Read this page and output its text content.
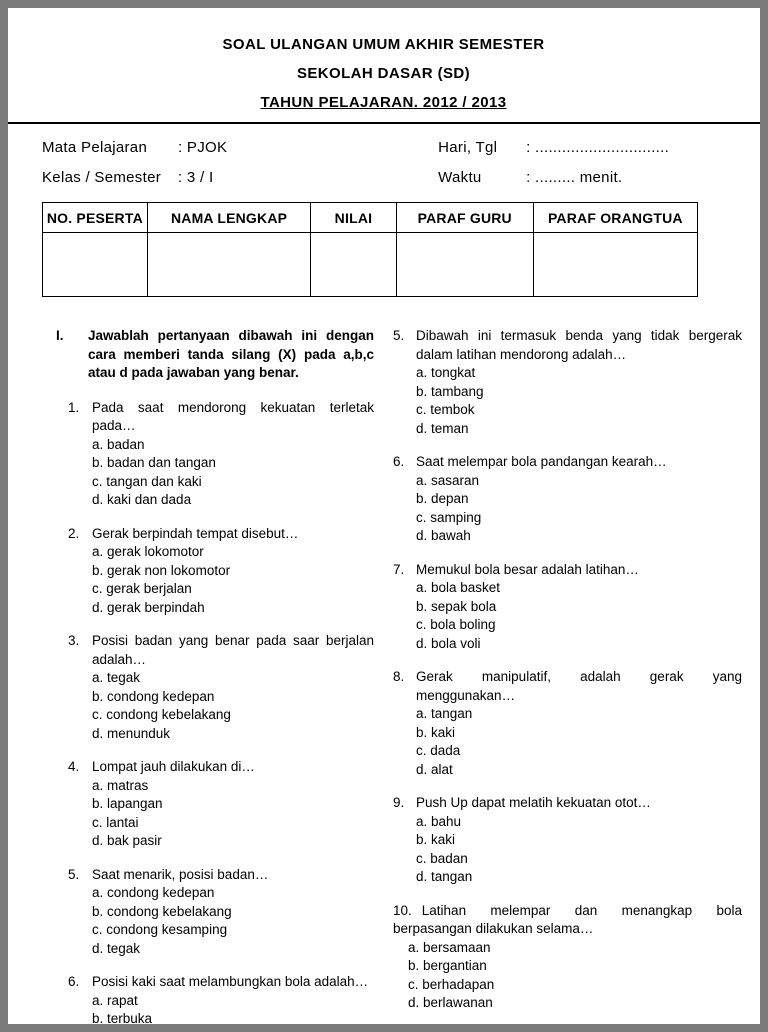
SOAL ULANGAN UMUM AKHIR SEMESTER
SEKOLAH DASAR (SD)
TAHUN PELAJARAN. 2012 / 2013
Mata Pelajaran	: PJOK
Kelas / Semester	: 3 / I
Hari, Tgl	: ..............................
Waktu	: ......... menit.
NO. PESERTA	NAMA LENGKAP	NILAI	PARAF GURU	PARAF ORANGTUA

I.	Jawablah pertanyaan dibawah ini dengan cara memberi tanda silang (X) pada a,b,c atau d pada jawaban yang benar.
1. Pada saat mendorong kekuatan terletak pada…

a. badan
b. badan dan tangan
c. tangan dan kaki
d. kaki dan dada
2. Gerak berpindah tempat disebut…

a. gerak lokomotor
b. gerak non lokomotor
c. gerak berjalan
d. gerak berpindah
3. Posisi badan yang benar pada saar berjalan adalah…

a. tegak
b. condong kedepan
c. condong kebelakang
d. menunduk
4. Lompat jauh dilakukan di…

a. matras
b. lapangan
c. lantai
d. bak pasir
5. Saat menarik, posisi badan…

a. condong kedepan
b. condong kebelakang
c. condong kesamping
d. tegak
6. Posisi kaki saat melambungkan bola adalah…

a. rapat
b. terbuka
5. Dibawah ini termasuk benda yang tidak bergerak dalam latihan mendorong adalah…

a. tongkat
b. tambang
c. tembok
d. teman
6. Saat melempar bola pandangan kearah…

a. sasaran
b. depan
c. samping
d. bawah
7. Memukul bola besar adalah latihan…

a. bola basket
b. sepak bola
c. bola boling
d. bola voli
8. Gerak manipulatif, adalah gerak yang menggunakan…

a. tangan
b. kaki
c. dada
d. alat
9. Push Up dapat melatih kekuatan otot…

a. bahu
b. kaki
c. badan
d. tangan

10. Latihan melempar dan menangkap bola berpasangan dilakukan selama…

a. bersamaan
b. bergantian
c. berhadapan
d. berlawanan
